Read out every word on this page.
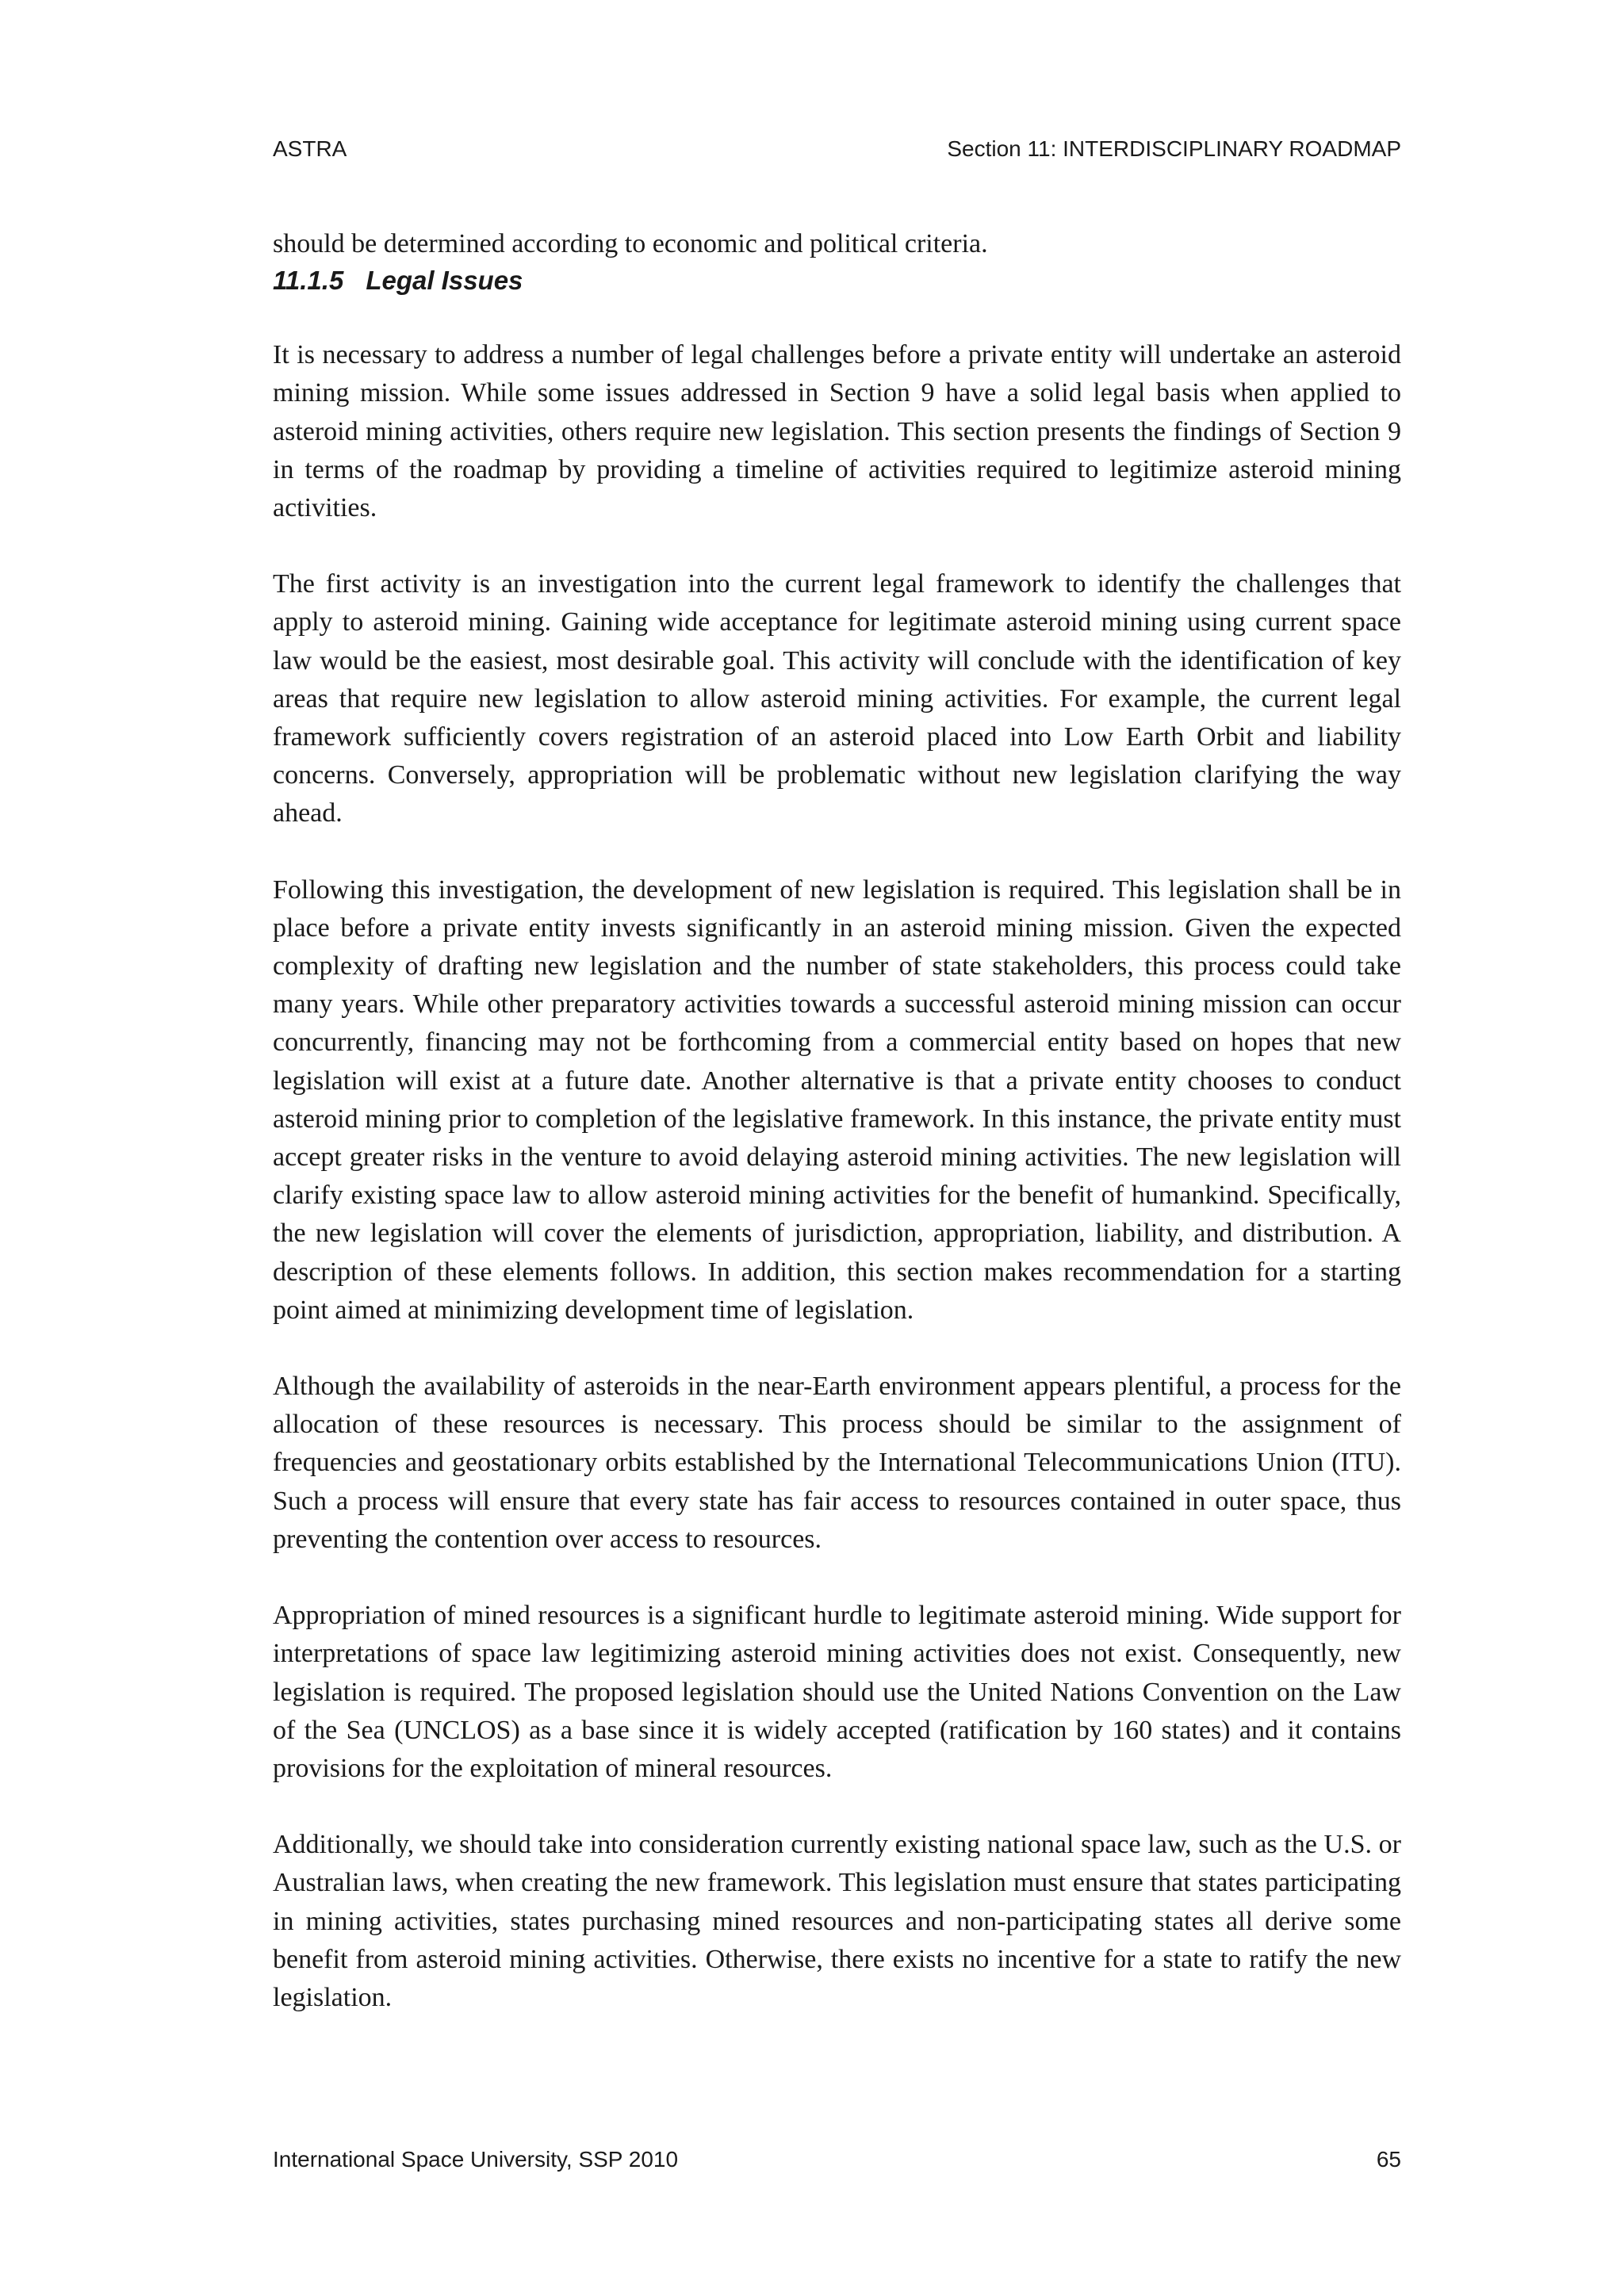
ASTRA	Section 11: INTERDISCIPLINARY ROADMAP

should be determined according to economic and political criteria.

11.1.5 Legal Issues

It is necessary to address a number of legal challenges before a private entity will undertake an asteroid mining mission. While some issues addressed in Section 9 have a solid legal basis when applied to asteroid mining activities, others require new legislation. This section presents the findings of Section 9 in terms of the roadmap by providing a timeline of activities required to legitimize asteroid mining activities.

The first activity is an investigation into the current legal framework to identify the challenges that apply to asteroid mining. Gaining wide acceptance for legitimate asteroid mining using current space law would be the easiest, most desirable goal. This activity will conclude with the identification of key areas that require new legislation to allow asteroid mining activities. For example, the current legal framework sufficiently covers registration of an asteroid placed into Low Earth Orbit and liability concerns. Conversely, appropriation will be problematic without new legislation clarifying the way ahead.

Following this investigation, the development of new legislation is required. This legislation shall be in place before a private entity invests significantly in an asteroid mining mission. Given the expected complexity of drafting new legislation and the number of state stakeholders, this process could take many years. While other preparatory activities towards a successful asteroid mining mission can occur concurrently, financing may not be forthcoming from a commercial entity based on hopes that new legislation will exist at a future date. Another alternative is that a private entity chooses to conduct asteroid mining prior to completion of the legislative framework. In this instance, the private entity must accept greater risks in the venture to avoid delaying asteroid mining activities. The new legislation will clarify existing space law to allow asteroid mining activities for the benefit of humankind. Specifically, the new legislation will cover the elements of jurisdiction, appropriation, liability, and distribution. A description of these elements follows. In addition, this section makes recommendation for a starting point aimed at minimizing development time of legislation.

Although the availability of asteroids in the near-Earth environment appears plentiful, a process for the allocation of these resources is necessary. This process should be similar to the assignment of frequencies and geostationary orbits established by the International Telecommunications Union (ITU). Such a process will ensure that every state has fair access to resources contained in outer space, thus preventing the contention over access to resources.

Appropriation of mined resources is a significant hurdle to legitimate asteroid mining. Wide support for interpretations of space law legitimizing asteroid mining activities does not exist. Consequently, new legislation is required. The proposed legislation should use the United Nations Convention on the Law of the Sea (UNCLOS) as a base since it is widely accepted (ratification by 160 states) and it contains provisions for the exploitation of mineral resources.

Additionally, we should take into consideration currently existing national space law, such as the U.S. or Australian laws, when creating the new framework. This legislation must ensure that states participating in mining activities, states purchasing mined resources and non-participating states all derive some benefit from asteroid mining activities. Otherwise, there exists no incentive for a state to ratify the new legislation.

International Space University, SSP 2010	65
